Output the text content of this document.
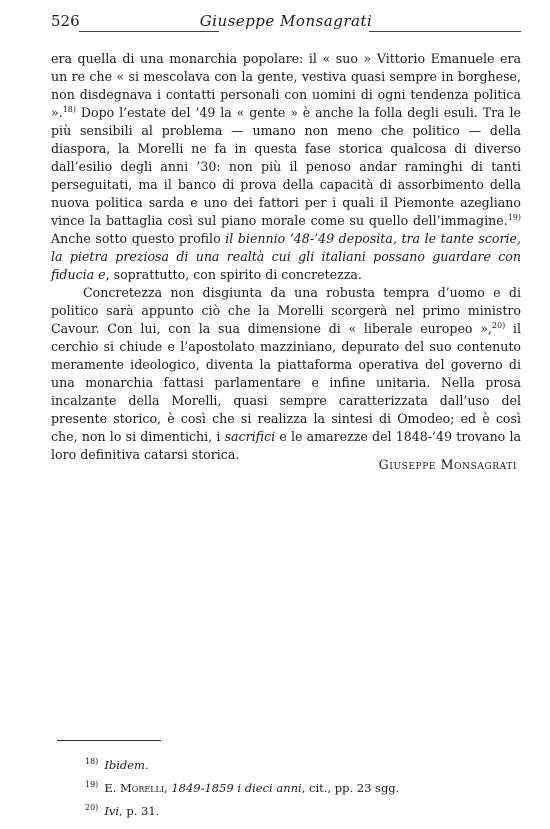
526	Giuseppe Monsagrati

era quella di una monarchia popolare: il « suo » Vittorio Emanuele era un re che « si mescolava con la gente, vestiva quasi sempre in borghese, non disdegnava i contatti personali con uomini di ogni tendenza politica ».$^{18)}$ Dopo l’estate del ’49 la « gente » è anche la folla degli esuli. Tra le più sensibili al problema — umano non meno che politico — della diaspora, la Morelli ne fa in questa fase storica qualcosa di diverso dall’esilio degli anni ’30: non più il penoso andar raminghi di tanti perseguitati, ma il banco di prova della capacità di assorbimento della nuova politica sarda e uno dei fattori per i quali il Piemonte azegliano vince la battaglia così sul piano morale come su quello dell’immagine.$^{19)}$ Anche sotto questo profilo il biennio ’48-’49 deposita, tra le tante scorie, la pietra preziosa di una realtà cui gli italiani possano guardare con fiducia e, soprattutto, con spirito di concretezza.

Concretezza non disgiunta da una robusta tempra d’uomo e di politico sarà appunto ciò che la Morelli scorgerà nel primo ministro Cavour. Con lui, con la sua dimensione di « liberale europeo »,$^{20)}$ il cerchio si chiude e l’apostolato mazziniano, depurato del suo contenuto meramente ideologico, diventa la piattaforma operativa del governo di una monarchia fattasi parlamentare e infine unitaria. Nella prosa incalzante della Morelli, quasi sempre caratterizzata dall’uso del presente storico, è così che si realizza la sintesi di Omodeo; ed è così che, non lo si dimentichi, i sacrifici e le amarezze del 1848-’49 trovano la loro definitiva catarsi storica.

Giuseppe Monsagrati
$^{18)}$ Ibidem.
$^{19)}$ E. Morelli, 1849-1859 i dieci anni, cit., pp. 23 sgg.
$^{20)}$ Ivi, p. 31.
